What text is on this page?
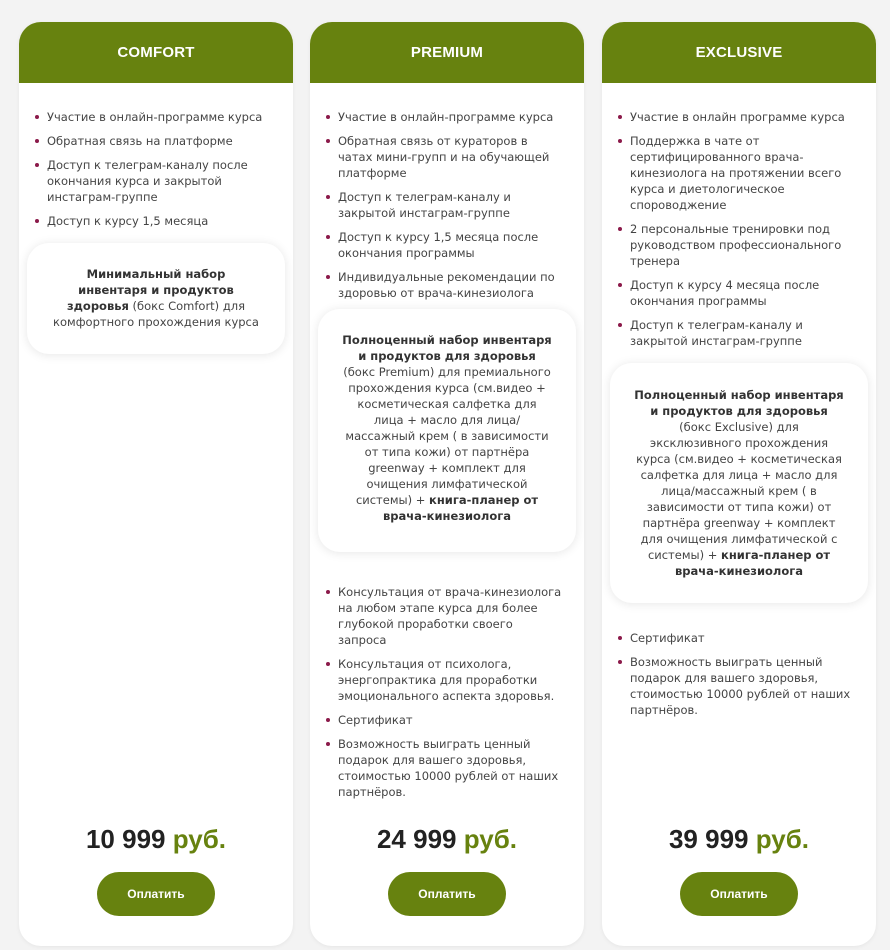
COMFORT
Участие в онлайн-программе курса
Обратная связь на платформе
Доступ к телеграм-каналу после окончания курса и закрытой инстаграм-группе
Доступ к курсу 1,5 месяца
Минимальный набор инвентаря и продуктов здоровья (бокс Comfort) для комфортного прохождения курса
10 999 руб.
Оплатить
PREMIUM
Участие в онлайн-программе курса
Обратная связь от кураторов в чатах мини-групп и на обучающей платформе
Доступ к телеграм-каналу и закрытой инстаграм-группе
Доступ к курсу 1,5 месяца после окончания программы
Индивидуальные рекомендации по здоровью от врача-кинезиолога
Полноценный набор инвентаря и продуктов для здоровья (бокс Premium) для премиального прохождения курса (см.видео + косметическая салфетка для лица + масло для лица/массажный крем ( в зависимости от типа кожи) от партнёра greenway + комплект для очищения лимфатической системы) + книга-планер от врача-кинезиолога
Консультация от врача-кинезиолога на любом этапе курса для более глубокой проработки своего запроса
Консультация от психолога, энергопрактика для проработки эмоционального аспекта здоровья.
Сертификат
Возможность выиграть ценный подарок для вашего здоровья, стоимостью 10000 рублей от наших партнёров.
24 999 руб.
Оплатить
EXCLUSIVE
Участие в онлайн программе курса
Поддержка в чате от сертифицированного врача-кинезиолога на протяжении всего курса и диетологическое спороводжение
2 персональные тренировки под руководством профессионального тренера
Доступ к курсу 4 месяца после окончания программы
Доступ к телеграм-каналу и закрытой инстаграм-группе
Полноценный набор инвентаря и продуктов для здоровья (бокс Exclusive) для эксклюзивного прохождения курса (см.видео + косметическая салфетка для лица + масло для лица/массажный крем ( в зависимости от типа кожи) от партнёра greenway + комплект для очищения лимфатической с системы) + книга-планер от врача-кинезиолога
Сертификат
Возможность выиграть ценный подарок для вашего здоровья, стоимостью 10000 рублей от наших партнёров.
39 999 руб.
Оплатить
